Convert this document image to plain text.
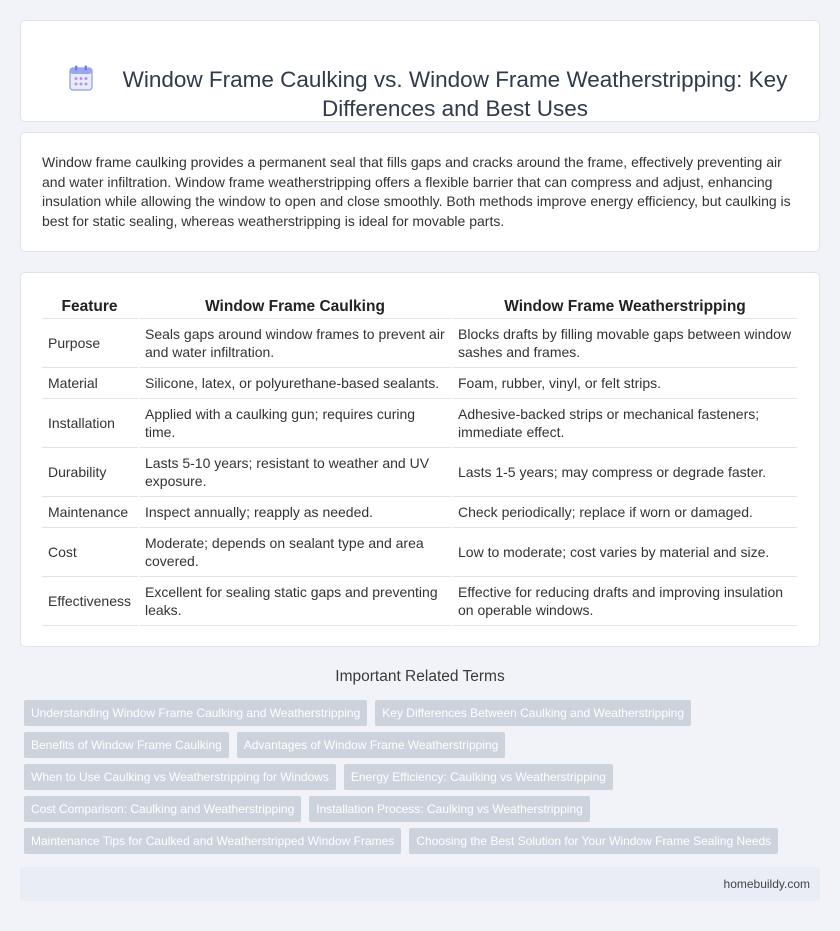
Window Frame Caulking vs. Window Frame Weatherstripping: Key Differences and Best Uses

Window frame caulking provides a permanent seal that fills gaps and cracks around the frame, effectively preventing air and water infiltration. Window frame weatherstripping offers a flexible barrier that can compress and adjust, enhancing insulation while allowing the window to open and close smoothly. Both methods improve energy efficiency, but caulking is best for static sealing, whereas weatherstripping is ideal for movable parts.

Feature	Window Frame Caulking	Window Frame Weatherstripping
Purpose	Seals gaps around window frames to prevent air and water infiltration.	Blocks drafts by filling movable gaps between window sashes and frames.
Material	Silicone, latex, or polyurethane-based sealants.	Foam, rubber, vinyl, or felt strips.
Installation	Applied with a caulking gun; requires curing time.	Adhesive-backed strips or mechanical fasteners; immediate effect.
Durability	Lasts 5-10 years; resistant to weather and UV exposure.	Lasts 1-5 years; may compress or degrade faster.
Maintenance	Inspect annually; reapply as needed.	Check periodically; replace if worn or damaged.
Cost	Moderate; depends on sealant type and area covered.	Low to moderate; cost varies by material and size.
Effectiveness	Excellent for sealing static gaps and preventing leaks.	Effective for reducing drafts and improving insulation on operable windows.
Important Related Terms
Understanding Window Frame Caulking and Weatherstripping	Key Differences Between Caulking and Weatherstripping
Benefits of Window Frame Caulking	Advantages of Window Frame Weatherstripping
When to Use Caulking vs Weatherstripping for Windows	Energy Efficiency: Caulking vs Weatherstripping
Cost Comparison: Caulking and Weatherstripping	Installation Process: Caulking vs Weatherstripping
Maintenance Tips for Caulked and Weatherstripped Window Frames	Choosing the Best Solution for Your Window Frame Sealing Needs
homebuildy.com
